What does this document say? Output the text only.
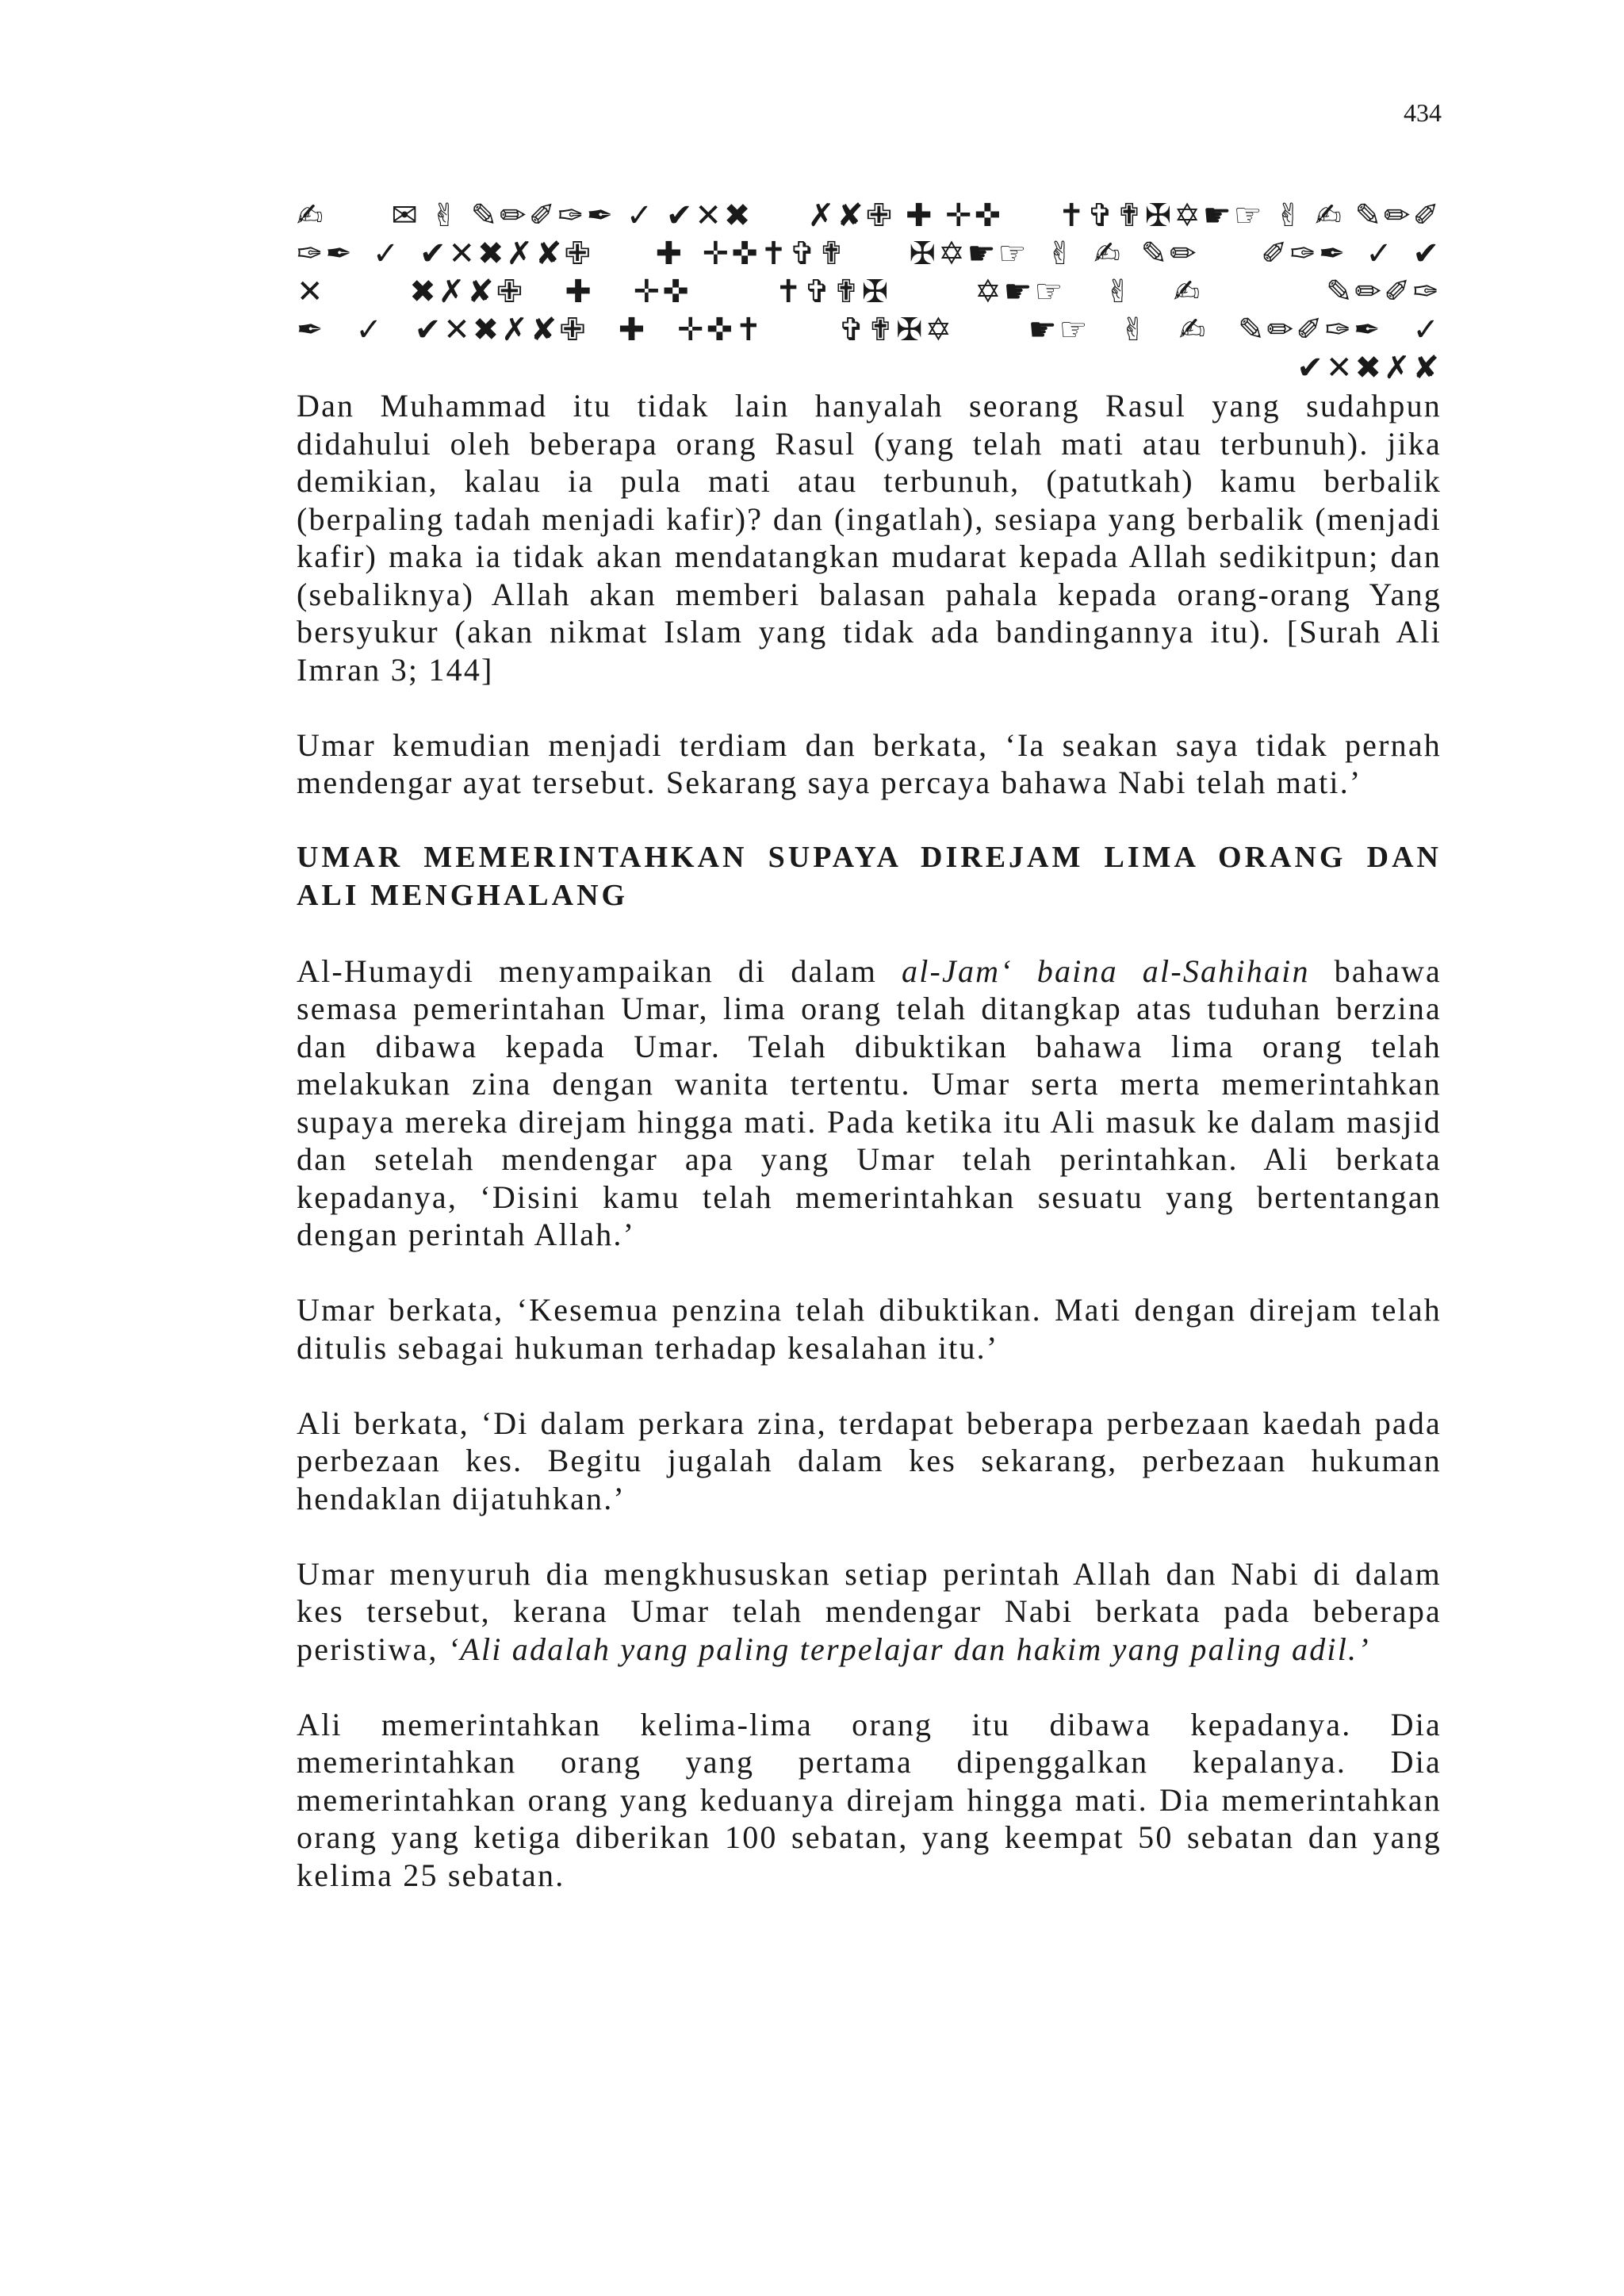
434
✍ ✉✌✎✏✐✑✒✓✔✕✖ ✗✘✙✚✛✜ ✝✞✟✠✡☛☞✌✍✎✏✐
✑✒✓✔✕✖✗✘✙ ✚✛✜✝✞✟ ✠✡☛☞✌✍✎✏ ✐✑✒✓✔
✕ ✖✗✘✙✚✛✜ ✝✞✟✠ ✡☛☞✌✍ ✎✏✐✑
✒✓✔✕✖✗✘✙✚✛✜✝ ✞✟✠✡ ☛☞✌✍✎✏✐✑✒✓
✔✕✖✗✘

Dan Muhammad itu tidak lain hanyalah seorang Rasul yang sudahpun didahului oleh beberapa orang Rasul (yang telah mati atau terbunuh). jika demikian, kalau ia pula mati atau terbunuh, (patutkah) kamu berbalik (berpaling tadah menjadi kafir)? dan (ingatlah), sesiapa yang berbalik (menjadi kafir) maka ia tidak akan mendatangkan mudarat kepada Allah sedikitpun; dan (sebaliknya) Allah akan memberi balasan pahala kepada orang-orang Yang bersyukur (akan nikmat Islam yang tidak ada bandingannya itu). [Surah Ali Imran 3; 144]

Umar kemudian menjadi terdiam dan berkata, ‘Ia seakan saya tidak pernah mendengar ayat tersebut. Sekarang saya percaya bahawa Nabi telah mati.’

UMAR MEMERINTAHKAN SUPAYA DIREJAM LIMA ORANG DAN ALI MENGHALANG

Al-Humaydi menyampaikan di dalam al-Jam‘ baina al-Sahihain bahawa semasa pemerintahan Umar, lima orang telah ditangkap atas tuduhan berzina dan dibawa kepada Umar. Telah dibuktikan bahawa lima orang telah melakukan zina dengan wanita tertentu. Umar serta merta memerintahkan supaya mereka direjam hingga mati. Pada ketika itu Ali masuk ke dalam masjid dan setelah mendengar apa yang Umar telah perintahkan. Ali berkata kepadanya, ‘Disini kamu telah memerintahkan sesuatu yang bertentangan dengan perintah Allah.’

Umar berkata, ‘Kesemua penzina telah dibuktikan. Mati dengan direjam telah ditulis sebagai hukuman terhadap kesalahan itu.’

Ali berkata, ‘Di dalam perkara zina, terdapat beberapa perbezaan kaedah pada perbezaan kes. Begitu jugalah dalam kes sekarang, perbezaan hukuman hendaklan dijatuhkan.’

Umar menyuruh dia mengkhususkan setiap perintah Allah dan Nabi di dalam kes tersebut, kerana Umar telah mendengar Nabi berkata pada beberapa peristiwa, ‘Ali adalah yang paling terpelajar dan hakim yang paling adil.’

Ali memerintahkan kelima-lima orang itu dibawa kepadanya. Dia memerintahkan orang yang pertama dipenggalkan kepalanya. Dia memerintahkan orang yang keduanya direjam hingga mati. Dia memerintahkan orang yang ketiga diberikan 100 sebatan, yang keempat 50 sebatan dan yang kelima 25 sebatan.
